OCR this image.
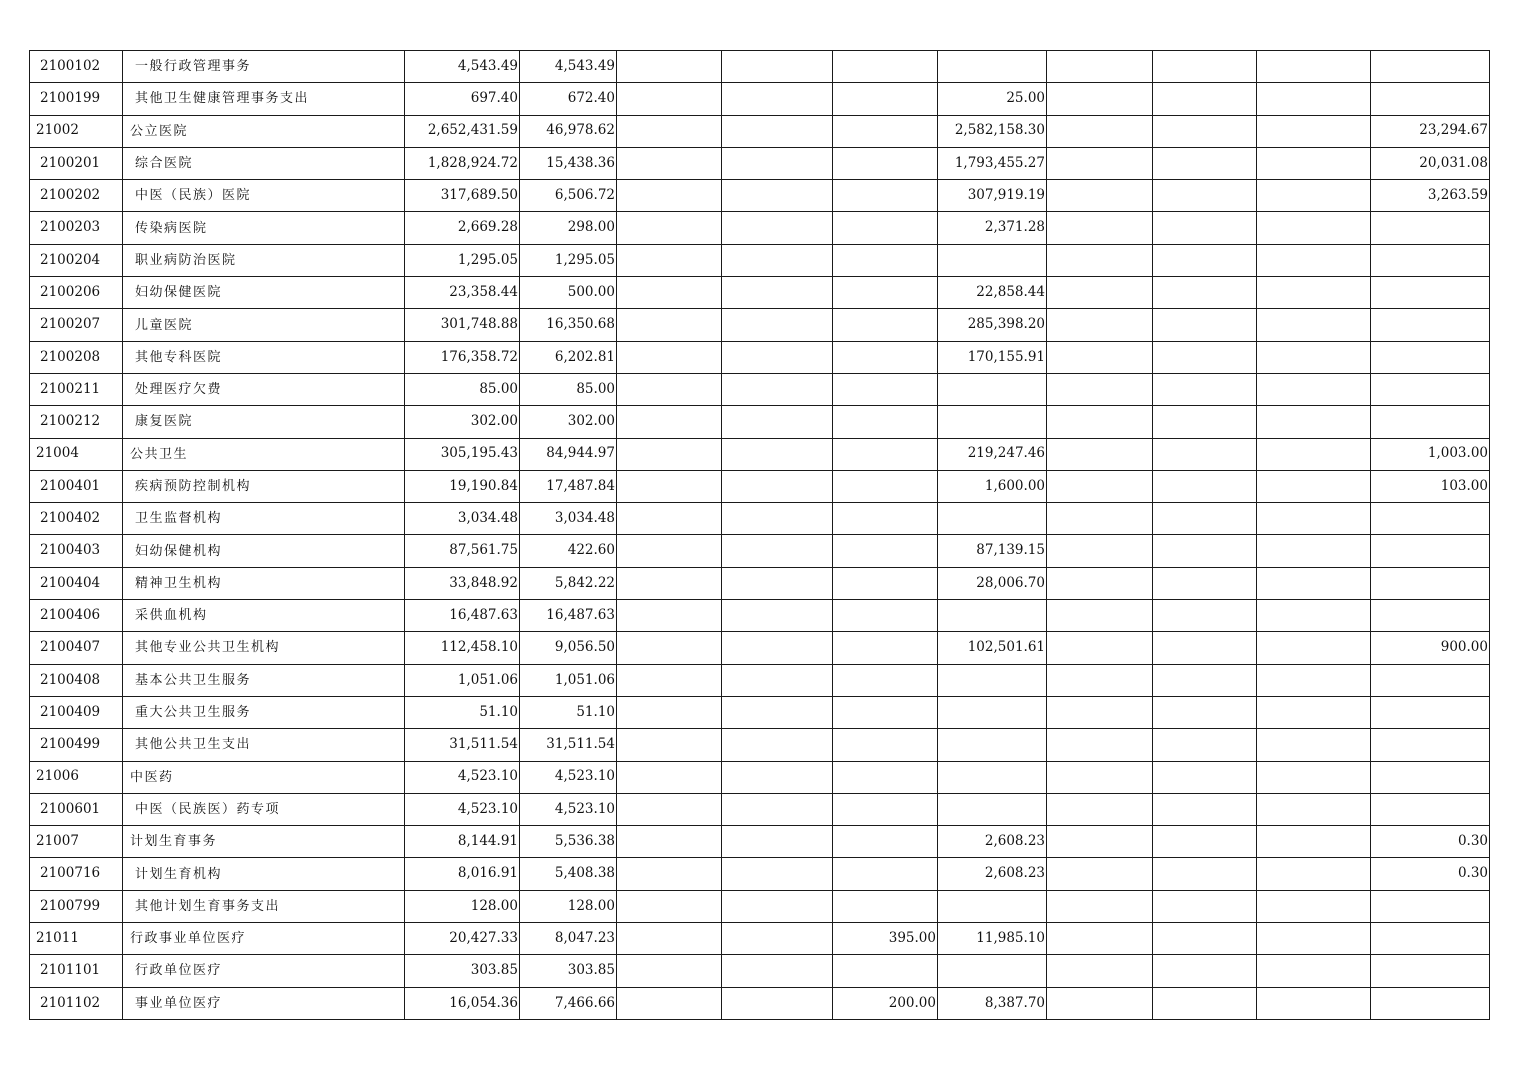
2100102	一般行政管理事务	4,543.49	4,543.49								
2100199	其他卫生健康管理事务支出	697.40	672.40				25.00				
21002	公立医院	2,652,431.59	46,978.62				2,582,158.30				23,294.67
2100201	综合医院	1,828,924.72	15,438.36				1,793,455.27				20,031.08
2100202	中医（民族）医院	317,689.50	6,506.72				307,919.19				3,263.59
2100203	传染病医院	2,669.28	298.00				2,371.28				
2100204	职业病防治医院	1,295.05	1,295.05								
2100206	妇幼保健医院	23,358.44	500.00				22,858.44				
2100207	儿童医院	301,748.88	16,350.68				285,398.20				
2100208	其他专科医院	176,358.72	6,202.81				170,155.91				
2100211	处理医疗欠费	85.00	85.00								
2100212	康复医院	302.00	302.00								
21004	公共卫生	305,195.43	84,944.97				219,247.46				1,003.00
2100401	疾病预防控制机构	19,190.84	17,487.84				1,600.00				103.00
2100402	卫生监督机构	3,034.48	3,034.48								
2100403	妇幼保健机构	87,561.75	422.60				87,139.15				
2100404	精神卫生机构	33,848.92	5,842.22				28,006.70				
2100406	采供血机构	16,487.63	16,487.63								
2100407	其他专业公共卫生机构	112,458.10	9,056.50				102,501.61				900.00
2100408	基本公共卫生服务	1,051.06	1,051.06								
2100409	重大公共卫生服务	51.10	51.10								
2100499	其他公共卫生支出	31,511.54	31,511.54								
21006	中医药	4,523.10	4,523.10								
2100601	中医（民族医）药专项	4,523.10	4,523.10								
21007	计划生育事务	8,144.91	5,536.38				2,608.23				0.30
2100716	计划生育机构	8,016.91	5,408.38				2,608.23				0.30
2100799	其他计划生育事务支出	128.00	128.00								
21011	行政事业单位医疗	20,427.33	8,047.23			395.00	11,985.10				
2101101	行政单位医疗	303.85	303.85								
2101102	事业单位医疗	16,054.36	7,466.66			200.00	8,387.70				
